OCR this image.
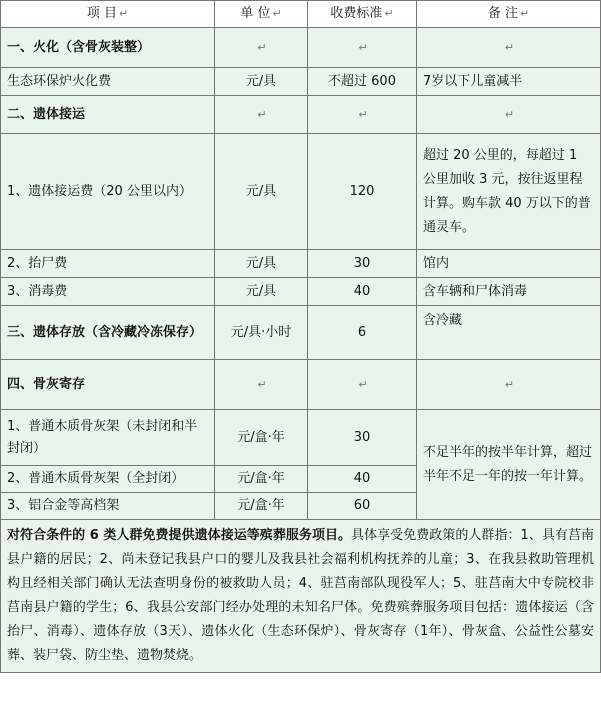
项 目 ↵	单 位 ↵	收费标准 ↵	备 注 ↵
一、火化（含骨灰装整）	↵	↵	↵
生态环保炉火化费	元/具	不超过 600	7岁以下儿童减半
二、遗体接运	↵	↵	↵
1、遗体接运费（20 公里以内）	元/具	120	超过 20 公里的，每超过 1 公里加收 3 元，按往返里程计算。购车款 40 万以下的普通灵车。
2、抬尸费	元/具	30	馆内
3、消毒费	元/具	40	含车辆和尸体消毒
三、遗体存放（含冷藏冷冻保存）	元/具·小时	6	含冷藏
四、骨灰寄存	↵	↵	↵
1、普通木质骨灰架（未封闭和半封闭）	元/盒·年	30	不足半年的按半年计算，超过半年不足一年的按一年计算。
2、普通木质骨灰架（全封闭）	元/盒·年	40	
3、铝合金等高档架	元/盒·年	60	
对符合条件的 6 类人群免费提供遗体接运等殡葬服务项目。具体享受免费政策的人群指：1、具有莒南县户籍的居民；2、尚未登记我县户口的婴儿及我县社会福利机构抚养的儿童；3、在我县救助管理机构且经相关部门确认无法查明身份的被救助人员；4、驻莒南部队现役军人；5、驻莒南大中专院校非莒南县户籍的学生；6、我县公安部门经办处理的未知名尸体。免费殡葬服务项目包括：遗体接运（含抬尸、消毒）、遗体存放（3天）、遗体火化（生态环保炉）、骨灰寄存（1年）、骨灰盒、公益性公墓安葬、装尸袋、防尘垫、遗物焚烧。			
